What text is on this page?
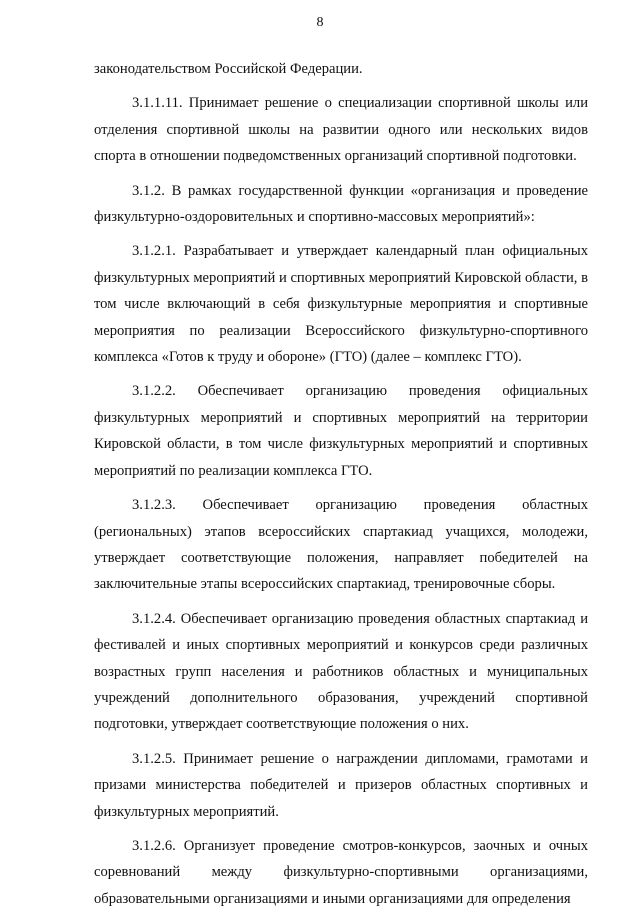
8

законодательством Российской Федерации.

3.1.1.11. Принимает решение о специализации спортивной школы или отделения спортивной школы на развитии одного или нескольких видов спорта в отношении подведомственных организаций спортивной подготовки.

3.1.2. В рамках государственной функции «организация и проведение физкультурно-оздоровительных и спортивно-массовых мероприятий»:

3.1.2.1. Разрабатывает и утверждает календарный план официальных физкультурных мероприятий и спортивных мероприятий Кировской области, в том числе включающий в себя физкультурные мероприятия и спортивные мероприятия по реализации Всероссийского физкультурно-спортивного комплекса «Готов к труду и обороне» (ГТО) (далее – комплекс ГТО).

3.1.2.2. Обеспечивает организацию проведения официальных физкультурных мероприятий и спортивных мероприятий на территории Кировской области, в том числе физкультурных мероприятий и спортивных мероприятий по реализации комплекса ГТО.

3.1.2.3. Обеспечивает организацию проведения областных (региональных) этапов всероссийских спартакиад учащихся, молодежи, утверждает соответствующие положения, направляет победителей на заключительные этапы всероссийских спартакиад, тренировочные сборы.

3.1.2.4. Обеспечивает организацию проведения областных спартакиад и фестивалей и иных спортивных мероприятий и конкурсов среди различных возрастных групп населения и работников областных и муниципальных учреждений дополнительного образования, учреждений спортивной подготовки, утверждает соответствующие положения о них.

3.1.2.5. Принимает решение о награждении дипломами, грамотами и призами министерства победителей и призеров областных спортивных и физкультурных мероприятий.

3.1.2.6. Организует проведение смотров-конкурсов, заочных и очных соревнований между физкультурно-спортивными организациями, образовательными организациями и иными организациями для определения
